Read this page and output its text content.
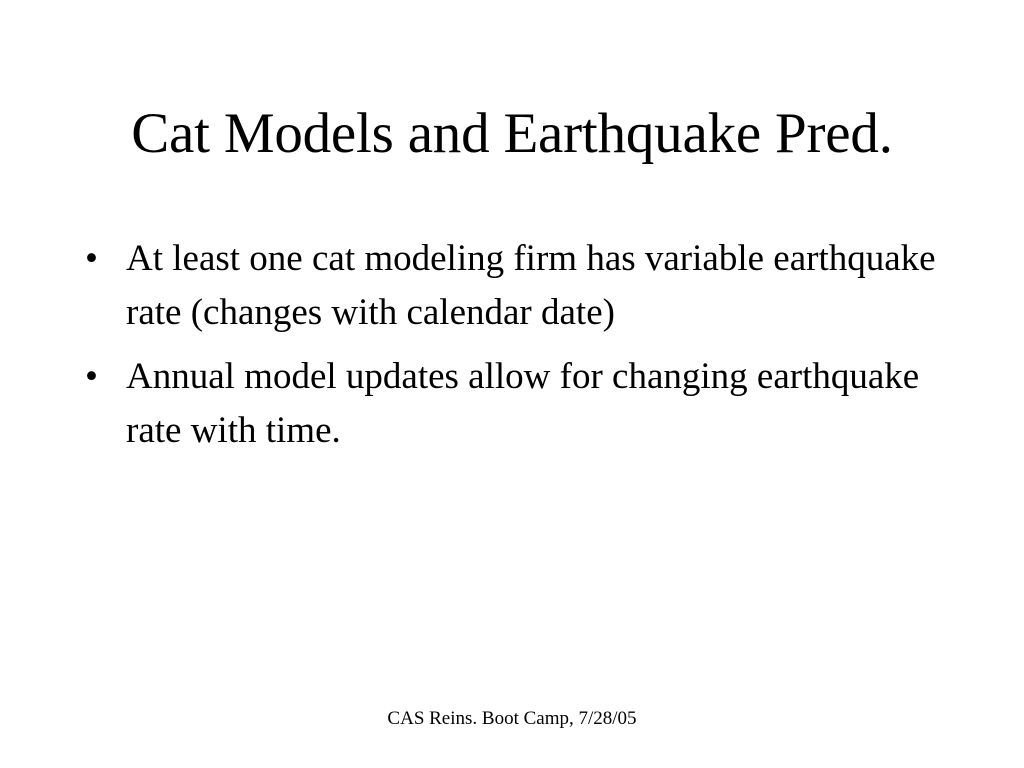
Cat Models and Earthquake Pred.
• At least one cat modeling firm has variable earthquake rate (changes with calendar date)
• Annual model updates allow for changing earthquake rate with time.
CAS Reins. Boot Camp, 7/28/05
